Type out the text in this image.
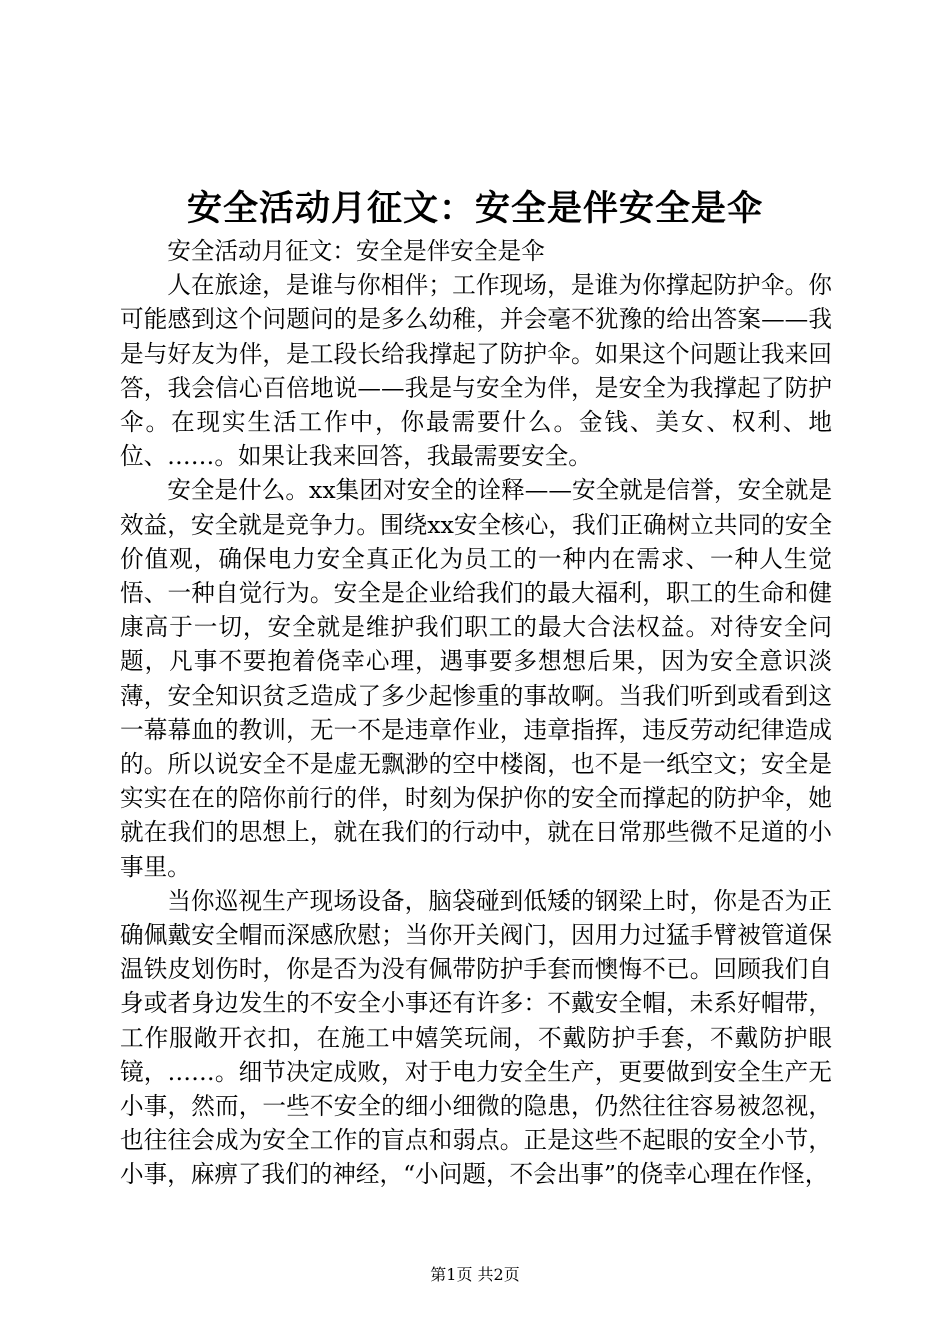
安全活动月征文：安全是伴安全是伞

安全活动月征文：安全是伴安全是伞

人在旅途，是谁与你相伴；工作现场，是谁为你撑起防护伞。你可能感到这个问题问的是多么幼稚，并会毫不犹豫的给出答案——我是与好友为伴，是工段长给我撑起了防护伞。如果这个问题让我来回答，我会信心百倍地说——我是与安全为伴，是安全为我撑起了防护伞。在现实生活工作中，你最需要什么。金钱、美女、权利、地位、……。如果让我来回答，我最需要安全。

安全是什么。xx集团对安全的诠释——安全就是信誉，安全就是效益，安全就是竞争力。围绕xx安全核心，我们正确树立共同的安全价值观，确保电力安全真正化为员工的一种内在需求、一种人生觉悟、一种自觉行为。安全是企业给我们的最大福利，职工的生命和健康高于一切，安全就是维护我们职工的最大合法权益。对待安全问题，凡事不要抱着侥幸心理，遇事要多想想后果，因为安全意识淡薄，安全知识贫乏造成了多少起惨重的事故啊。当我们听到或看到这一幕幕血的教训，无一不是违章作业，违章指挥，违反劳动纪律造成的。所以说安全不是虚无飘渺的空中楼阁，也不是一纸空文；安全是实实在在的陪你前行的伴，时刻为保护你的安全而撑起的防护伞，她就在我们的思想上，就在我们的行动中，就在日常那些微不足道的小事里。

当你巡视生产现场设备，脑袋碰到低矮的钢梁上时，你是否为正确佩戴安全帽而深感欣慰；当你开关阀门，因用力过猛手臂被管道保温铁皮划伤时，你是否为没有佩带防护手套而懊悔不已。回顾我们自身或者身边发生的不安全小事还有许多：不戴安全帽，未系好帽带，工作服敞开衣扣，在施工中嬉笑玩闹，不戴防护手套，不戴防护眼镜，……。细节决定成败，对于电力安全生产，更要做到安全生产无小事，然而，一些不安全的细小细微的隐患，仍然往往容易被忽视，也往往会成为安全工作的盲点和弱点。正是这些不起眼的安全小节，小事，麻痹了我们的神经，“小问题，不会出事”的侥幸心理在作怪，

第1页 共2页
